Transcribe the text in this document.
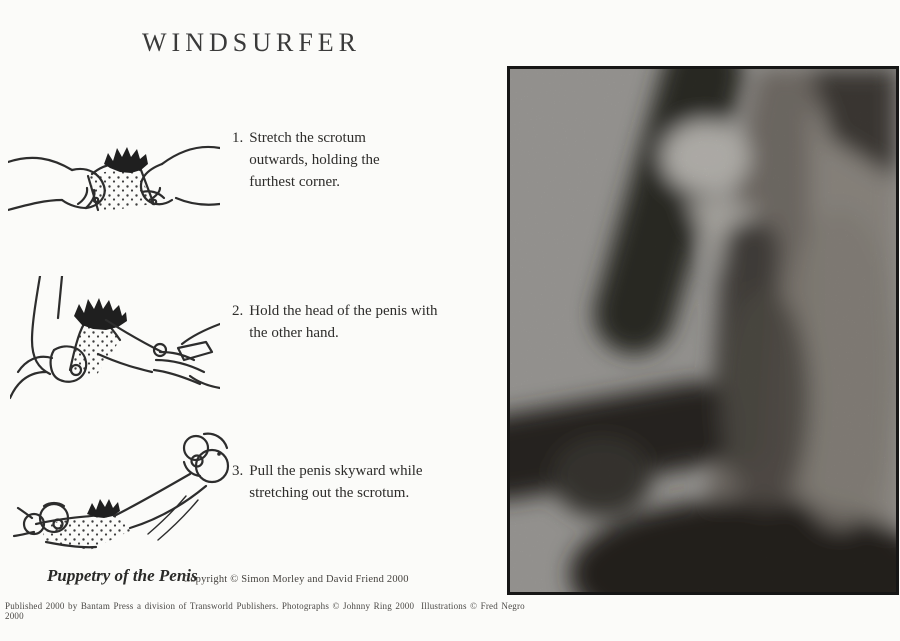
WINDSURFER
1. Stretch the scrotum outwards, holding the furthest corner.
2. Hold the head of the penis with the other hand.
3. Pull the penis skyward while stretching out the scrotum.
Puppetry of the Penis
Copyright © Simon Morley and David Friend 2000
Published 2000 by Bantam Press a division of Transworld Publishers. Photographs © Johnny Ring 2000  Illustrations © Fred Negro 2000
